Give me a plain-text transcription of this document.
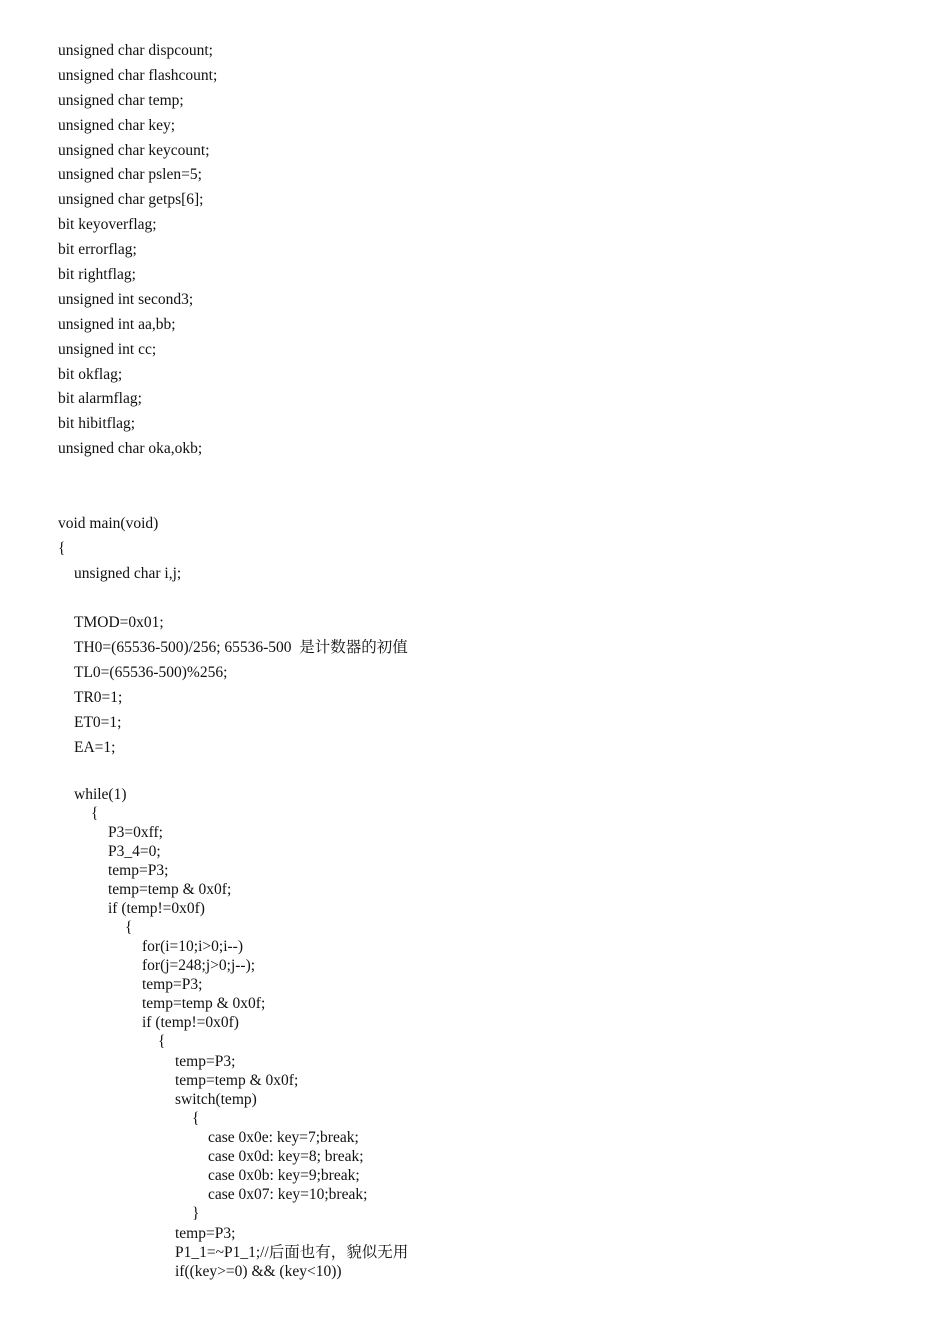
unsigned char dispcount;
unsigned char flashcount;
unsigned char temp;
unsigned char key;
unsigned char keycount;
unsigned char pslen=5;
unsigned char getps[6];
bit keyoverflag;
bit errorflag;
bit rightflag;
unsigned int second3;
unsigned int aa,bb;
unsigned int cc;
bit okflag;
bit alarmflag;
bit hibitflag;
unsigned char oka,okb;
void main(void)
{
unsigned char i,j;
TMOD=0x01;
TH0=(65536-500)/256; 65536-500  是计数器的初值
TL0=(65536-500)%256;
TR0=1;
ET0=1;
EA=1;
while(1)
{
P3=0xff;
P3_4=0;
temp=P3;
temp=temp & 0x0f;
if (temp!=0x0f)
{
for(i=10;i>0;i--)
for(j=248;j>0;j--);
temp=P3;
temp=temp & 0x0f;
if (temp!=0x0f)
{
temp=P3;
temp=temp & 0x0f;
switch(temp)
{
case 0x0e: key=7;break;
case 0x0d: key=8; break;
case 0x0b: key=9;break;
case 0x07: key=10;break;
}
temp=P3;
P1_1=~P1_1;//后面也有，貌似无用
if((key>=0) && (key<10))
